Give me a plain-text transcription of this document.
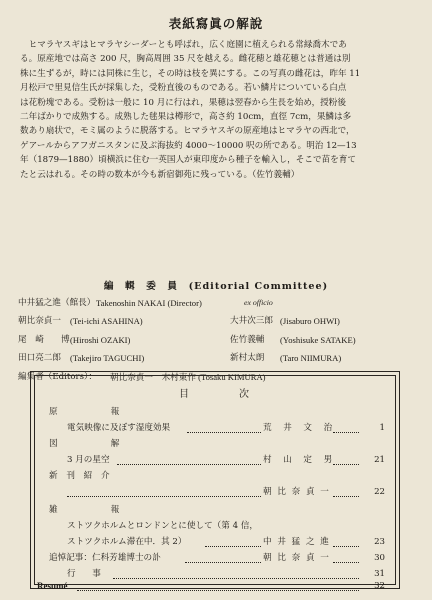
表紙寫眞の解說

ヒマラヤスギはヒマラヤシーダーとも呼ばれ，広く庭園に植えられる常緑喬木であ

る。原産地では高さ 200 尺，胸高周囲 35 尺を越える。雌花穂と雄花穂とは普通は別
株に生ずるが，時には同株に生じ，その時は枝を異にする。この写真の雌花は，昨年 11
月松戸で里見信生氏が採集した，受粉直後のものである。若い鱗片についている白点
は花粉塊である。受粉は一般に 10 月に行はれ，果穂は翌春から生長を始め，授粉後
二年ばかりで成熟する。成熟した毬果は樽形で，高さ約 10cm，直徑 7cm，果鱗は多
数あり扇状で，モミ属のように脱落する。ヒマラヤスギの原産地はヒマラヤの西北で，
ゲアールからアフガニスタンに及ぶ海抜約 4000〜10000 呎の所である。明治 12—13
年（1879—1880）頃横浜に住む一英国人が東印度から種子を輸入し，そこで苗を育て
たと云はれる。その時の数本が今も新宿御苑に残っている。（佐竹義輔）
編　輯　委　員　(Editorial Committee)
中井猛之進（館長） Takenoshin NAKAI (Director)	ex officio
朝比奈貞一 (Tei-ichi ASAHINA)	大井次三郎 (Jisaburo OHWI)
尾　崎　　博 (Hiroshi OZAKI)	佐竹義輔 (Yoshisuke SATAKE)
田口亮二郎 (Takejiro TAGUCHI)	新村太朗 (Taro NIIMURA)
編集者（Editors）： 朝比奈貞一　木村東作 (Tosaku KIMURA)
目　　　　次
原　　報
電気映像に及ぼす湿度効果	荒　井　文　治	1
図　　解
3 月の星空	村　山　定　男	21
新 刊 紹 介
朝 比 奈 貞 一	22
雑　　報
ストツクホルムとロンドンとに使して（第 4 信，
ストツクホルム滞在中．其 2）	中 井 猛 之 進	23
追悼記事：仁科芳雄博士の訃	朝 比 奈 貞 一	30
行　事	31
Resumé	32
